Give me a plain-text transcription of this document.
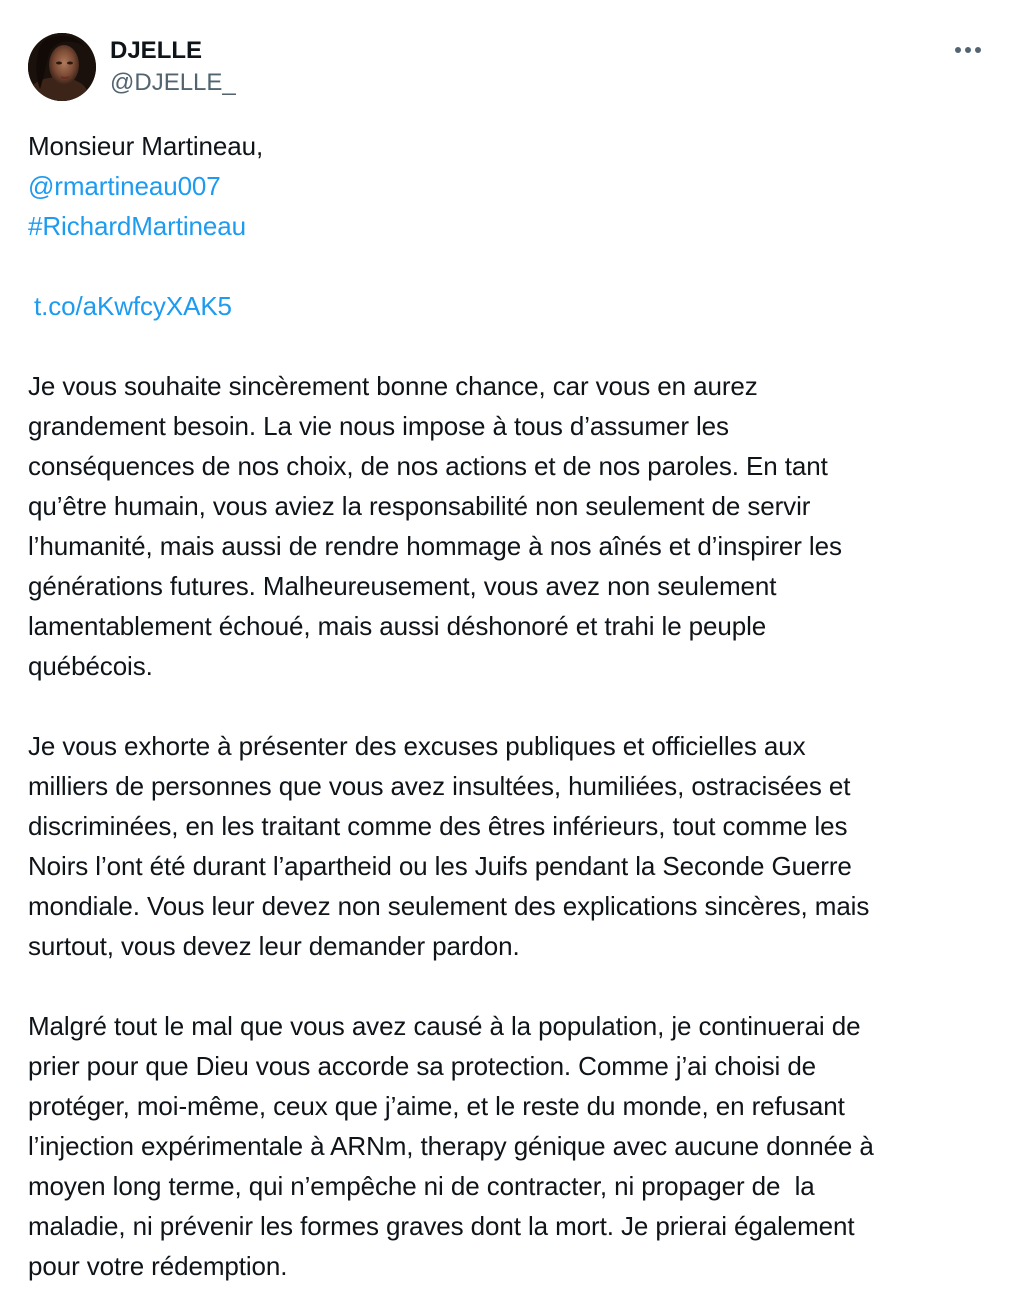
DJELLE
@DJELLE_
Monsieur Martineau,
@rmartineau007
#RichardMartineau
t.co/aKwfcyXAK5
Je vous souhaite sincèrement bonne chance, car vous en aurez
grandement besoin. La vie nous impose à tous d’assumer les
conséquences de nos choix, de nos actions et de nos paroles. En tant
qu’être humain, vous aviez la responsabilité non seulement de servir
l’humanité, mais aussi de rendre hommage à nos aînés et d’inspirer les
générations futures. Malheureusement, vous avez non seulement
lamentablement échoué, mais aussi déshonoré et trahi le peuple
québécois.
Je vous exhorte à présenter des excuses publiques et officielles aux
milliers de personnes que vous avez insultées, humiliées, ostracisées et
discriminées, en les traitant comme des êtres inférieurs, tout comme les
Noirs l’ont été durant l’apartheid ou les Juifs pendant la Seconde Guerre
mondiale. Vous leur devez non seulement des explications sincères, mais
surtout, vous devez leur demander pardon.
Malgré tout le mal que vous avez causé à la population, je continuerai de
prier pour que Dieu vous accorde sa protection. Comme j’ai choisi de
protéger, moi-même, ceux que j’aime, et le reste du monde, en refusant
l’injection expérimentale à ARNm, therapy génique avec aucune donnée à
moyen long terme, qui n’empêche ni de contracter, ni propager de  la
maladie, ni prévenir les formes graves dont la mort. Je prierai également
pour votre rédemption.
